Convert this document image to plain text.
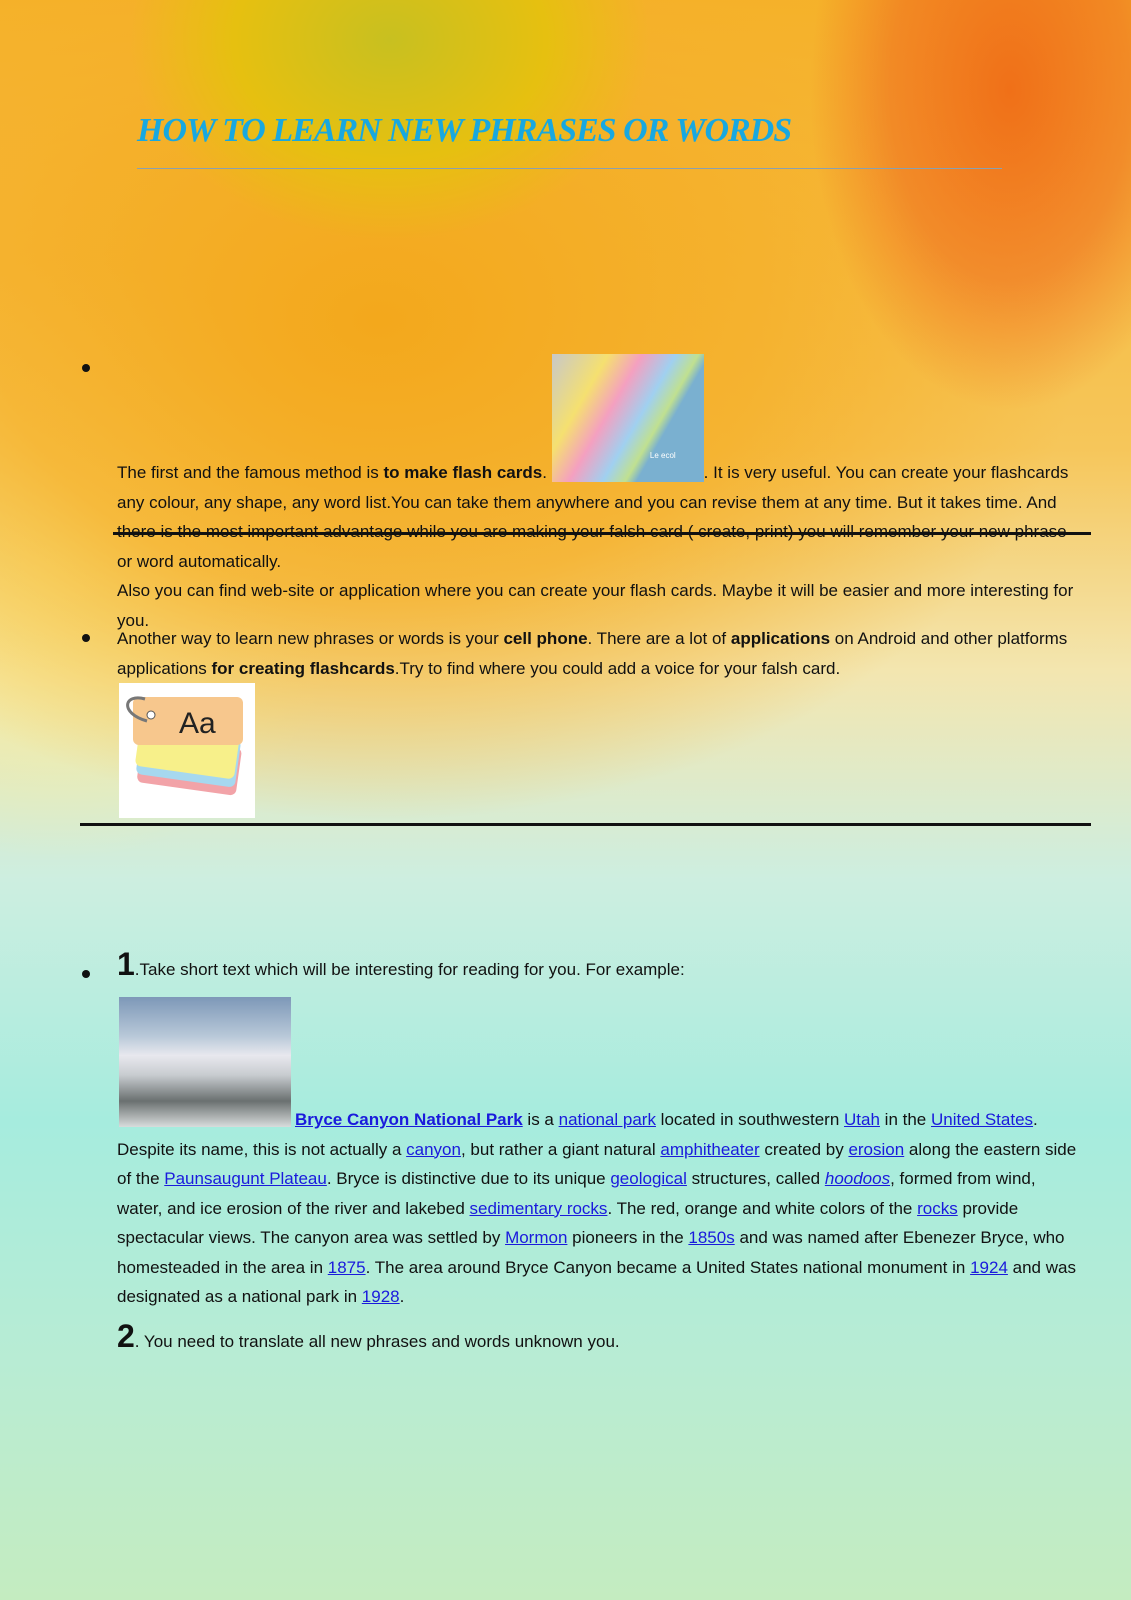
HOW TO LEARN NEW PHRASES OR WORDS
The first and the famous method is to make flash cards.
Le ecol
. It is very useful. You can create your flashcards any colour, any shape, any word list.You can take them anywhere and you can revise them at any time. But it takes time. And or word automatically.
Also you can find web-site or application where you can create your flash cards. Maybe it will be easier and more interesting for you.
Another way to learn new phrases or words is your cell phone. There are a lot of applications on Android and other platforms applications for creating flashcards.Try to find where you could add a voice for your falsh card.
Aa
1.Take short text which will be interesting for reading for you. For example:
Bryce Canyon National Park is a national park located in southwestern Utah in the United States. Despite its name, this is not actually a canyon, but rather a giant natural amphitheater created by erosion along the eastern side of the Paunsaugunt Plateau. Bryce is distinctive due to its unique geological structures, called hoodoos, formed from wind, water, and ice erosion of the river and lakebed sedimentary rocks. The red, orange and white colors of the rocks provide spectacular views. The canyon area was settled by Mormon pioneers in the 1850s and was named after Ebenezer Bryce, who homesteaded in the area in 1875. The area around Bryce Canyon became a United States national monument in 1924 and was designated as a national park in 1928.
2. You need to translate all new phrases and words unknown you.
